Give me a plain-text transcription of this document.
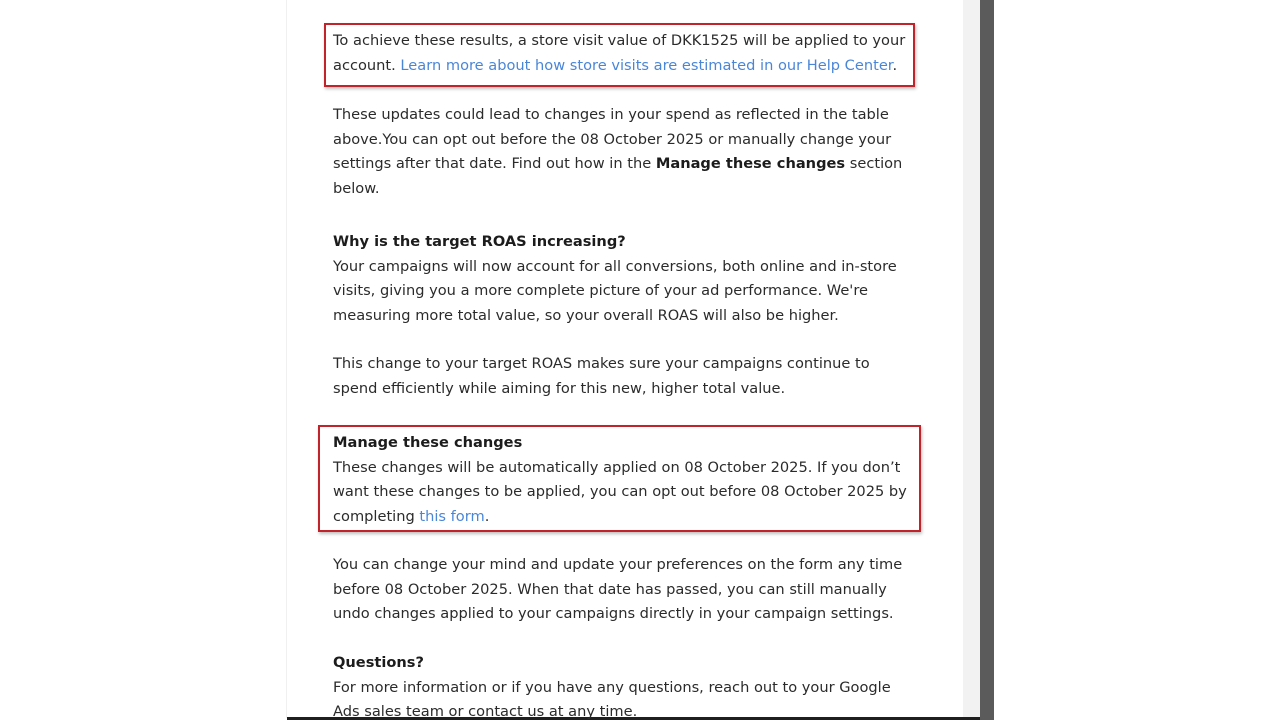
To achieve these results, a store visit value of DKK1525 will be applied to your
account. Learn more about how store visits are estimated in our Help Center.

These updates could lead to changes in your spend as reflected in the table
above.You can opt out before the 08 October 2025 or manually change your
settings after that date. Find out how in the Manage these changes section
below.

Why is the target ROAS increasing?
Your campaigns will now account for all conversions, both online and in-store
visits, giving you a more complete picture of your ad performance. We're
measuring more total value, so your overall ROAS will also be higher.

This change to your target ROAS makes sure your campaigns continue to
spend efficiently while aiming for this new, higher total value.

Manage these changes
These changes will be automatically applied on 08 October 2025. If you don’t
want these changes to be applied, you can opt out before 08 October 2025 by
completing this form.

You can change your mind and update your preferences on the form any time
before 08 October 2025. When that date has passed, you can still manually
undo changes applied to your campaigns directly in your campaign settings.

Questions?
For more information or if you have any questions, reach out to your Google
Ads sales team or contact us at any time.
